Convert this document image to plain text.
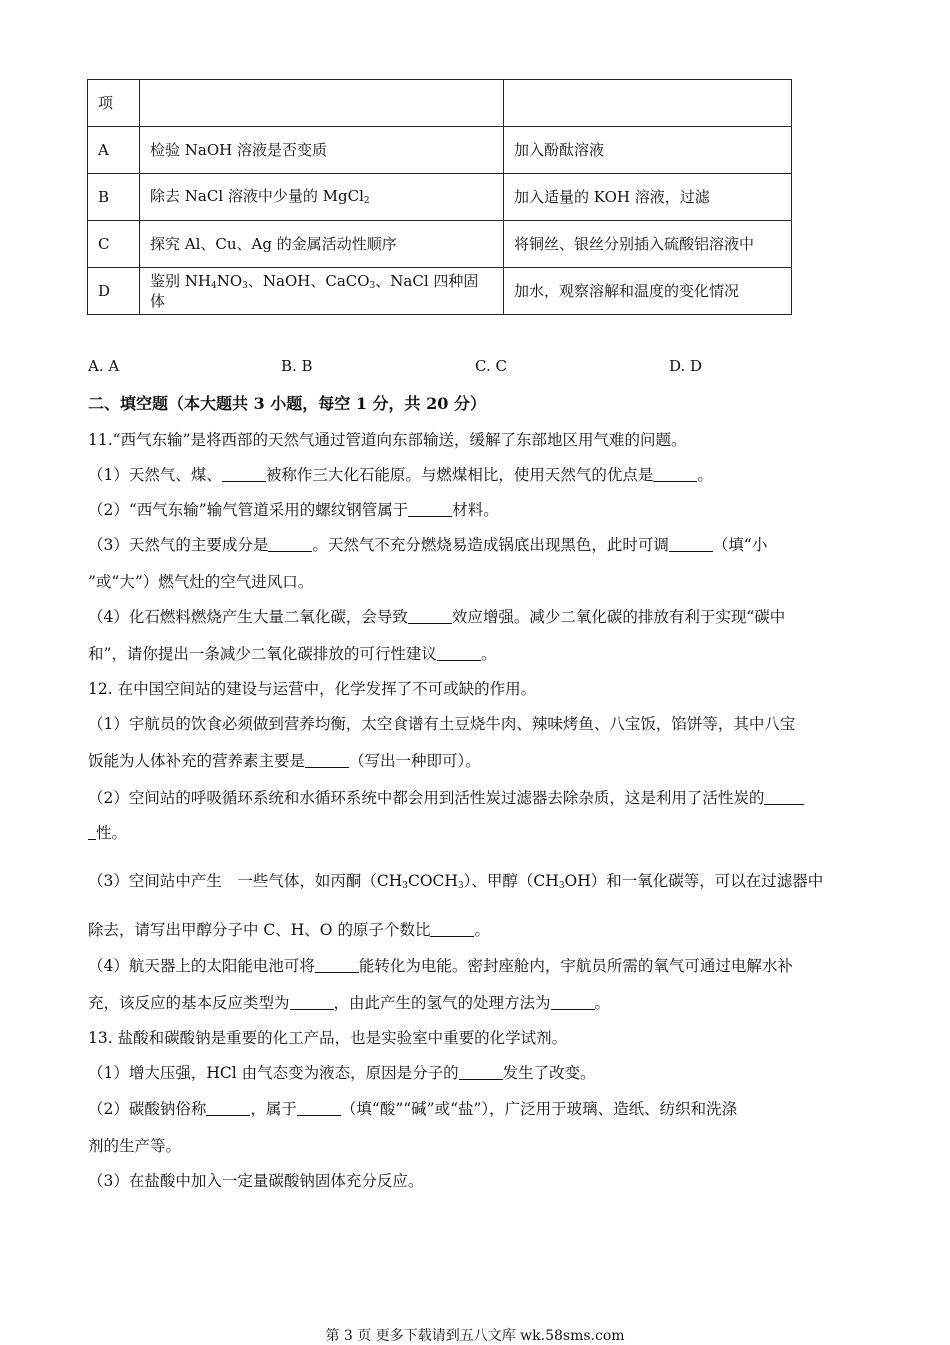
项		
A	检验 NaOH 溶液是否变质	加入酚酞溶液
B	除去 NaCl 溶液中少量的 MgCl$_2$	加入适量的 KOH 溶液，过滤
C	探究 Al、Cu、Ag 的金属活动性顺序	将铜丝、银丝分别插入硫酸铝溶液中
D	鉴别 $NH_4NO_3$、NaOH、CaCO$_3$、NaCl 四种固体	加水，观察溶解和温度的变化情况
A. A	B. B	C. C	D. D
二、填空题（本大题共 3 小题，每空 1 分，共 20 分）
11.“西气东输”是将西部的天然气通过管道向东部输送，缓解了东部地区用气难的问题。
（1）天然气、煤、	被称作三大化石能原。与燃煤相比，使用天然气的优点是	。
（2）“西气东输”输气管道采用的螺纹钢管属于	材料。
（3）天然气的主要成分是	。天然气不充分燃烧易造成锅底出现黑色，此时可调	（填“小
”或“大”）燃气灶的空气进风口。
（4）化石燃料燃烧产生大量二氧化碳，会导致	效应增强。减少二氧化碳的排放有利于实现“碳中
和”，请你提出一条减少二氧化碳排放的可行性建议	。
12. 在中国空间站的建设与运营中，化学发挥了不可或缺的作用。
（1）宇航员的饮食必须做到营养均衡，太空食谱有土豆烧牛肉、辣味烤鱼、八宝饭，馅饼等，其中八宝
饭能为人体补充的营养素主要是	（写出一种即可）。
（2）空间站的呼吸循环系统和水循环系统中都会用到活性炭过滤器去除杂质，这是利用了活性炭的
性。
（3）空间站中产生　一些气体，如丙酮$(CH_3COCH_3)$、甲醇$(CH_3OH)$和一氧化碳等，可以在过滤器中
除去，请写出甲醇分子中 C、H、O 的原子个数比	。
（4）航天器上的太阳能电池可将	能转化为电能。密封座舱内，宇航员所需的氧气可通过电解水补
充，该反应的基本反应类型为	，由此产生的氢气的处理方法为	。
13. 盐酸和碳酸钠是重要的化工产品，也是实验室中重要的化学试剂。
（1）增大压强，HCl 由气态变为液态，原因是分子的	发生了改变。
（2）碳酸钠俗称	，属于	（填“酸”“碱”或“盐”），广泛用于玻璃、造纸、纺织和洗涤
剂的生产等。
（3）在盐酸中加入一定量碳酸钠固体充分反应。
第 3 页 更多下载请到五八文库 wk.58sms.com
